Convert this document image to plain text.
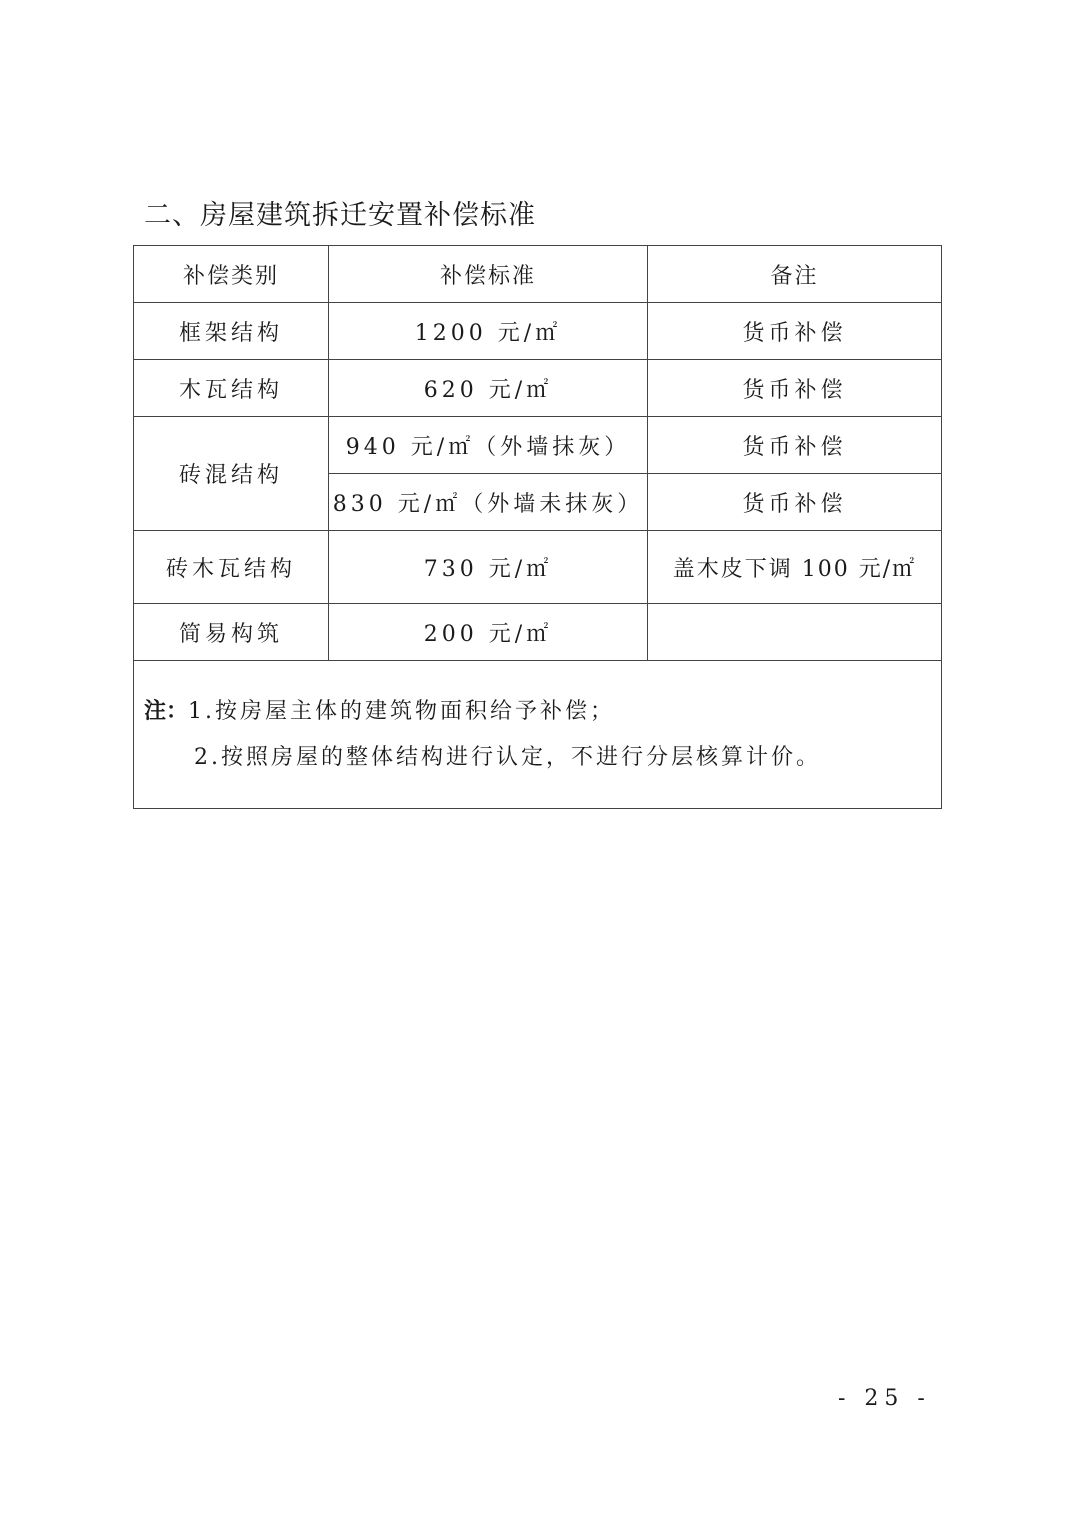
二、房屋建筑拆迁安置补偿标准
补偿类别	补偿标准	备注
框架结构	1200 元/㎡	货币补偿
木瓦结构	620 元/㎡	货币补偿
砖混结构	940 元/㎡（外墙抹灰）	货币补偿
	830 元/㎡（外墙未抹灰）	货币补偿
砖木瓦结构	730 元/㎡	盖木皮下调 100 元/㎡
简易构筑	200 元/㎡	
注：1.按房屋主体的建筑物面积给予补偿；
2.按照房屋的整体结构进行认定，不进行分层核算计价。		
- 25 -
